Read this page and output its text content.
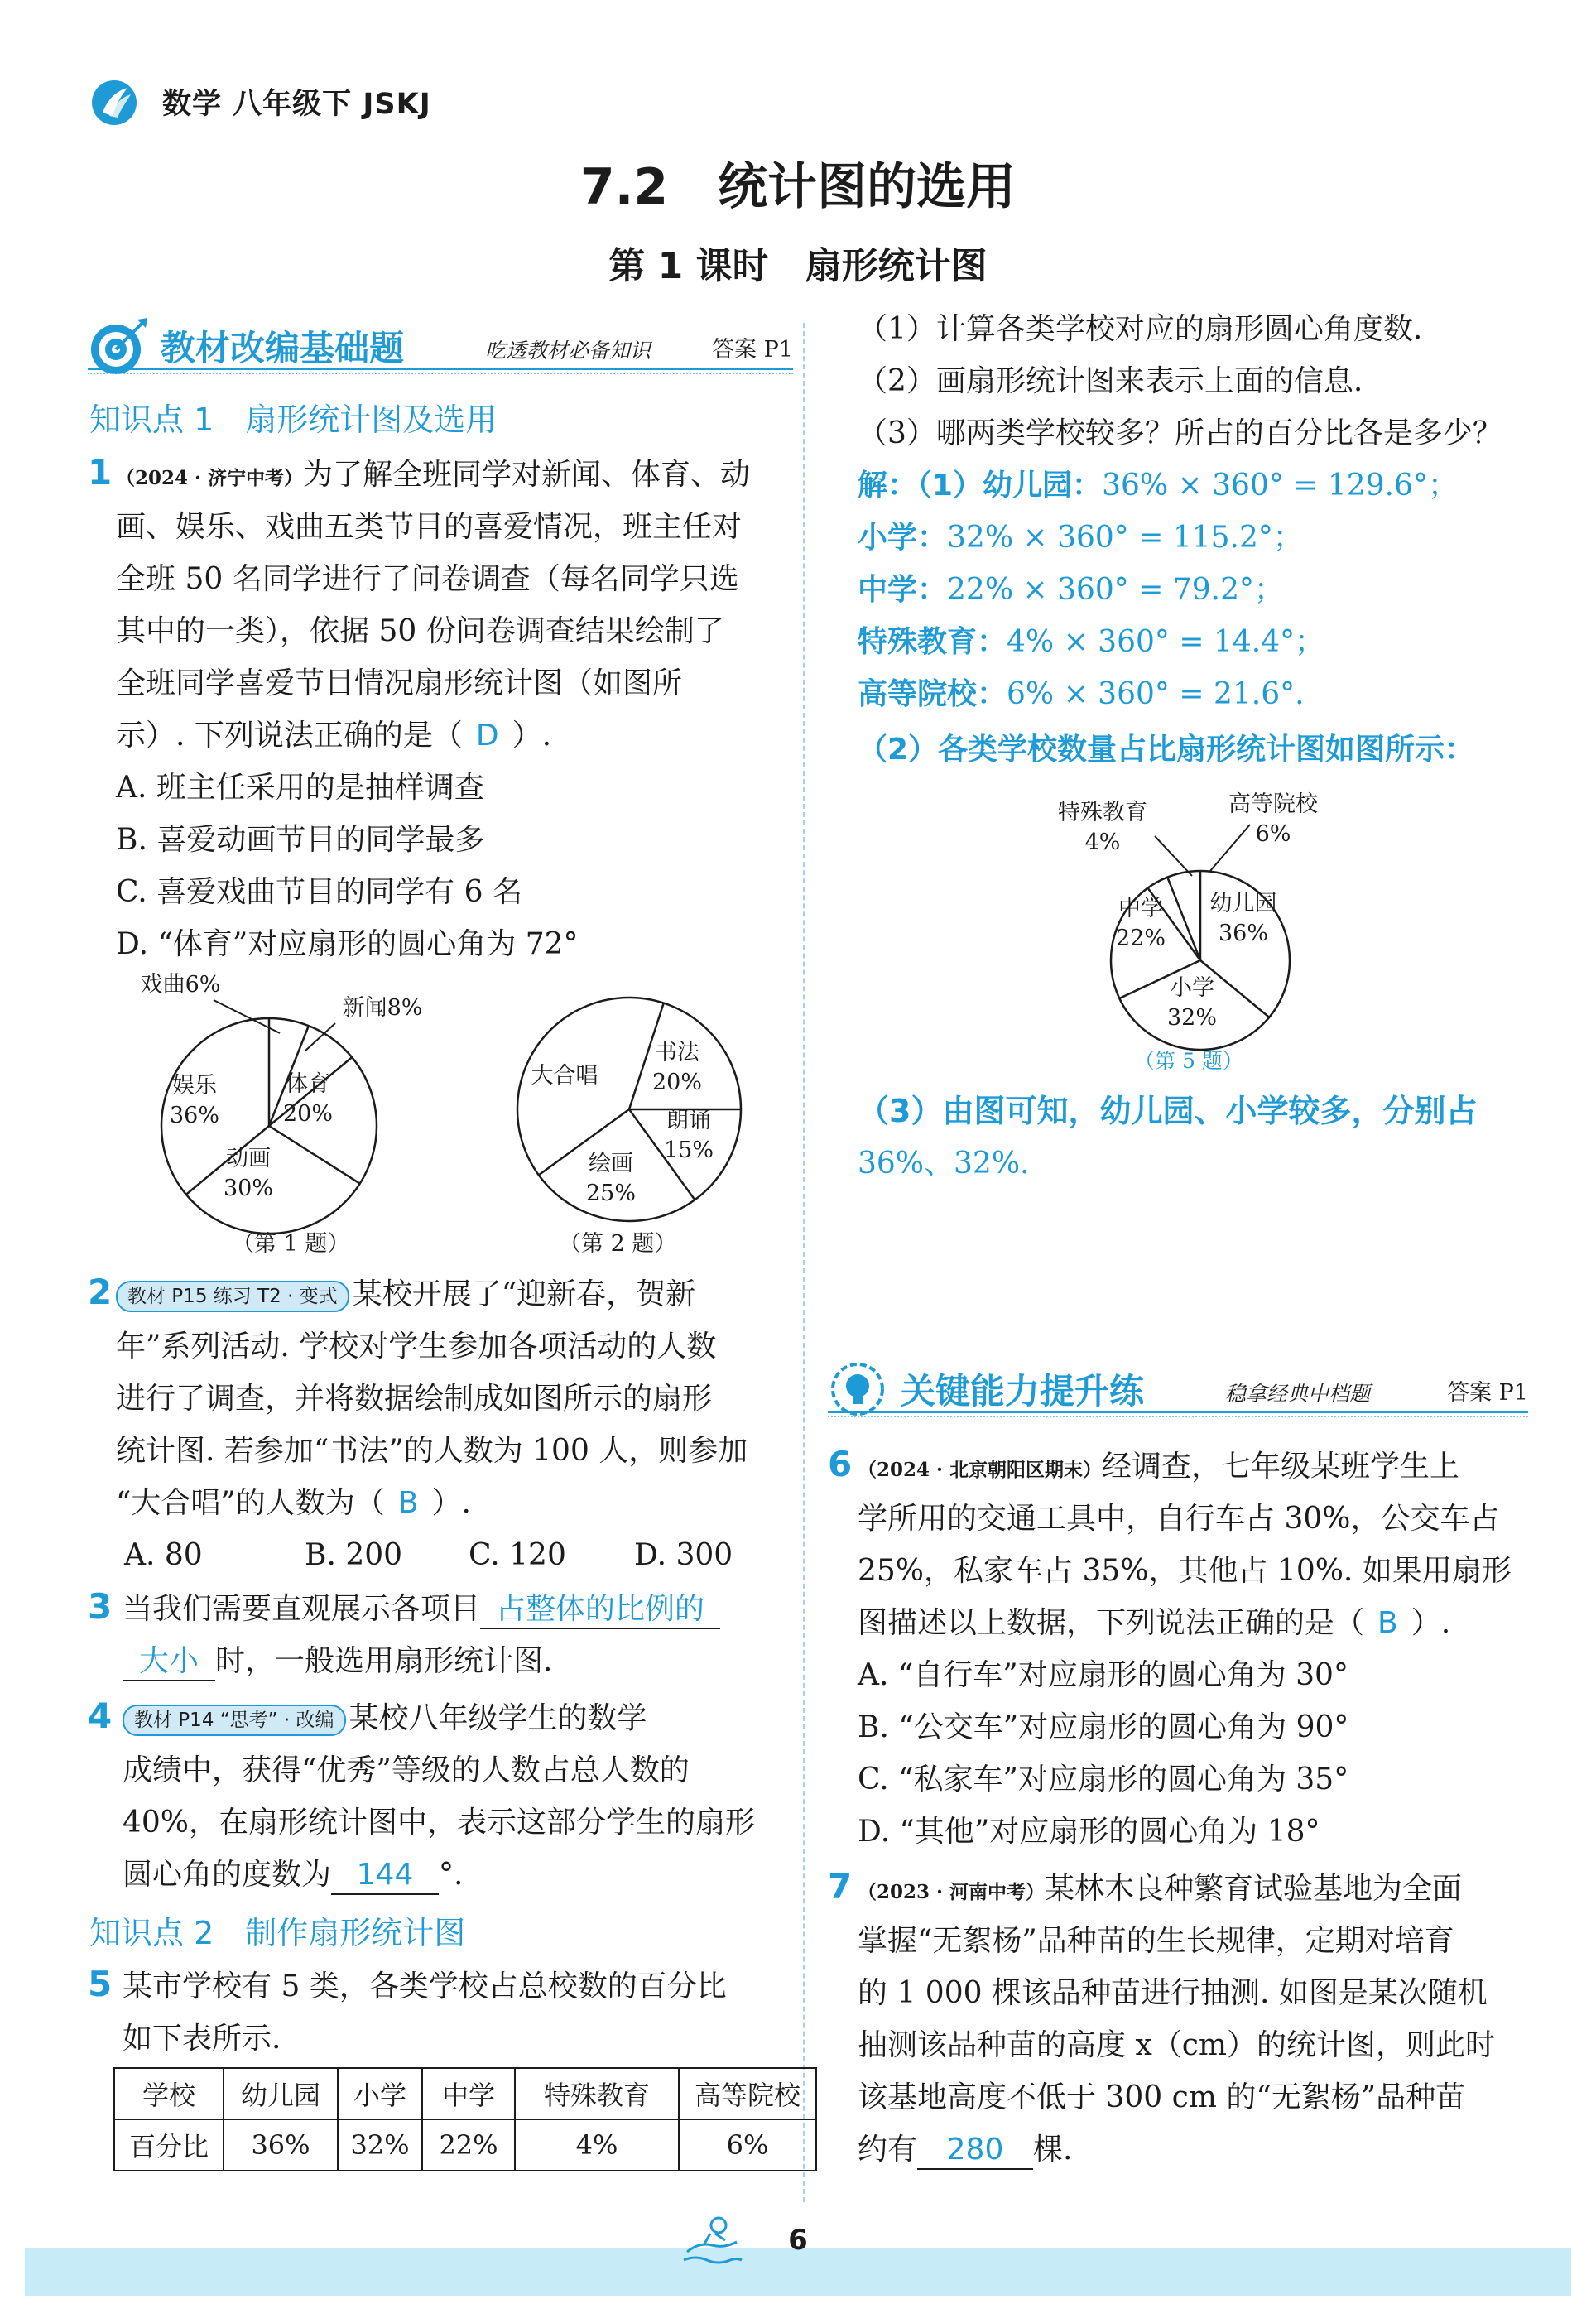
数学 八年级下 JSKJ
7.2　统计图的选用
第 1 课时　扇形统计图
教材改编基础题	吃透教材必备知识	答案 P1
知识点 1　扇形统计图及选用
1 （2024 · 济宁中考）为了解全班同学对新闻、体育、动
画、娱乐、戏曲五类节目的喜爱情况，班主任对
全班 50 名同学进行了问卷调查（每名同学只选
其中的一类），依据 50 份问卷调查结果绘制了
全班同学喜爱节目情况扇形统计图（如图所
示）. 下列说法正确的是（ D ）.
A. 班主任采用的是抽样调查
B. 喜爱动画节目的同学最多
C. 喜爱戏曲节目的同学有 6 名
D. “体育”对应扇形的圆心角为 72°
戏曲6%
新闻8%
体育
20%
动画
30%
娱乐
36%
（第 1 题）
书法
20%
朗诵
15%
绘画
25%
大合唱
（第 2 题）
2 教材 P15 练习 T2 · 变式 某校开展了“迎新春，贺新
年”系列活动. 学校对学生参加各项活动的人数
进行了调查，并将数据绘制成如图所示的扇形
统计图. 若参加“书法”的人数为 100 人，则参加
“大合唱”的人数为（ B ）.
A. 80	B. 200 C. 120 D. 300
3 当我们需要直观展示各项目 占整体的比例的
大小 时，一般选用扇形统计图.
4	教材 P14 “思考” · 改编 某校八年级学生的数学
成绩中，获得“优秀”等级的人数占总人数的
40%，在扇形统计图中，表示这部分学生的扇形
圆心角的度数为 144 °.
知识点 2　制作扇形统计图
5 某市学校有 5 类，各类学校占总校数的百分比
如下表所示.
学校	幼儿园	小学	中学	特殊教育	高等院校
百分比	36%	32%	22%	4%	6%
（1）计算各类学校对应的扇形圆心角度数.
（2）画扇形统计图来表示上面的信息.
（3）哪两类学校较多？所占的百分比各是多少？
解：（1）幼儿园：36% × 360° = 129.6°；
小学：32% × 360° = 115.2°；
中学：22% × 360° = 79.2°；
特殊教育：4% × 360° = 14.4°；
高等院校：6% × 360° = 21.6°.
（2）各类学校数量占比扇形统计图如图所示：
幼儿园
36%
小学
32%
中学
22%
特殊教育
4%
高等院校
6%
（第 5 题）
（3）由图可知，幼儿园、小学较多，分别占
36%、32%.
关键能力提升练	稳拿经典中档题	答案 P1
6 （2024 · 北京朝阳区期末）经调查，七年级某班学生上
学所用的交通工具中，自行车占 30%，公交车占
25%，私家车占 35%，其他占 10%. 如果用扇形
图描述以上数据，下列说法正确的是（ B ）.
A. “自行车”对应扇形的圆心角为 30°
B. “公交车”对应扇形的圆心角为 90°
C. “私家车”对应扇形的圆心角为 35°
D. “其他”对应扇形的圆心角为 18°
7 （2023 · 河南中考）某林木良种繁育试验基地为全面
掌握“无絮杨”品种苗的生长规律，定期对培育
的 1 000 棵该品种苗进行抽测. 如图是某次随机
抽测该品种苗的高度 x（cm）的统计图，则此时
该基地高度不低于 300 cm 的“无絮杨”品种苗
约有 280 棵.
6
